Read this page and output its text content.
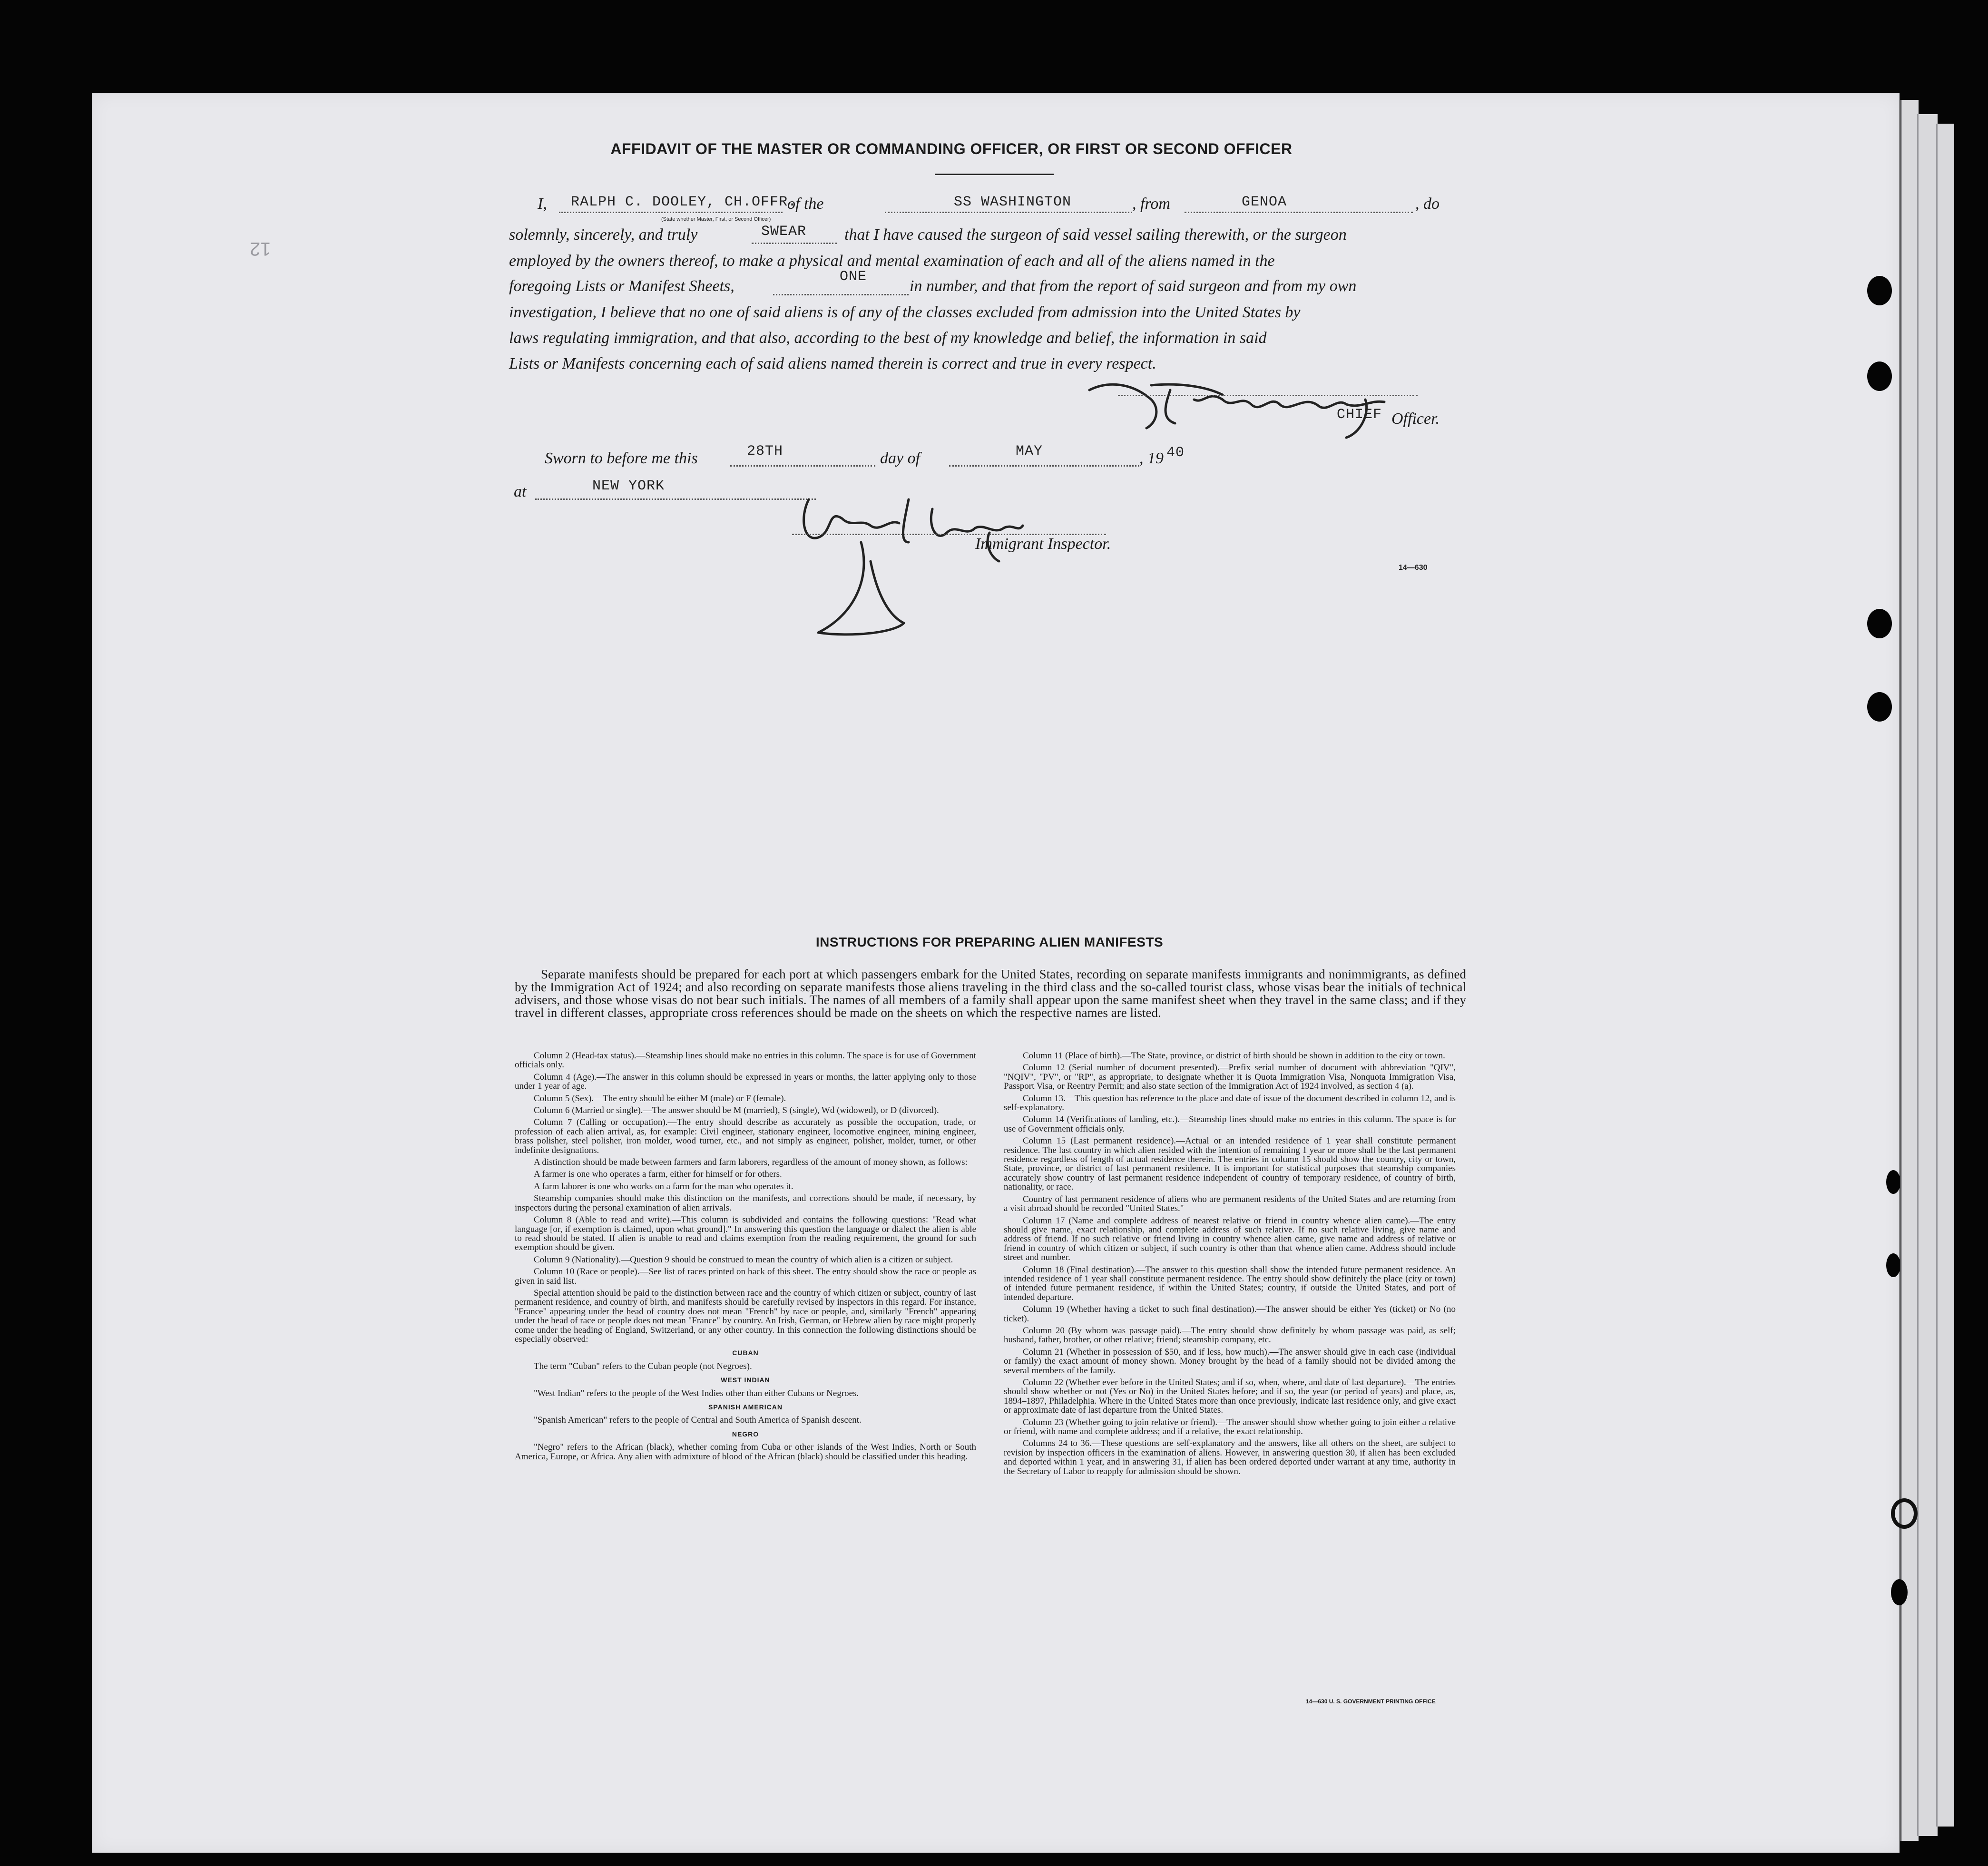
12
AFFIDAVIT OF THE MASTER OR COMMANDING OFFICER, OR FIRST OR SECOND OFFICER
I, RALPH C. DOOLEY, CH.OFFR.
of the	SS WASHINGTON	, from	GENOA	, do
(State whether Master, First, or Second Officer)
solemnly, sincerely, and truly	SWEAR that I have caused the surgeon of said vessel sailing therewith, or the surgeon
employed by the owners thereof, to make a physical and mental examination of each and all of the aliens named in the
foregoing Lists or Manifest Sheets,
ONE
in number, and that from the report of said surgeon and from my own
investigation, I believe that no one of said aliens is of any of the classes excluded from admission into the United States by
laws regulating immigration, and that also, according to the best of my knowledge and belief, the information in said
Lists or Manifests concerning each of said aliens named therein is correct and true in every respect.
CHIEF Officer.
Sworn to before me this	28TH	day of	MAY	, 19 40
at	NEW YORK
Immigrant Inspector.
14—630
INSTRUCTIONS FOR PREPARING ALIEN MANIFESTS
Separate manifests should be prepared for each port at which passengers embark for the United States, recording on separate manifests immigrants and nonimmigrants, as defined by the Immigration Act of 1924; and also recording on separate manifests those aliens traveling in the third class and the so-called tourist class, whose visas bear the initials of technical advisers, and those whose visas do not bear such initials. The names of all members of a family shall appear upon the same manifest sheet when they travel in the same class; and if they travel in different classes, appropriate cross references should be made on the sheets on which the respective names are listed.

Column 2 (Head-tax status).—Steamship lines should make no entries in this column. The space is for use of Government officials only.

Column 4 (Age).—The answer in this column should be expressed in years or months, the latter applying only to those under 1 year of age.

Column 5 (Sex).—The entry should be either M (male) or F (female).

Column 6 (Married or single).—The answer should be M (married), S (single), Wd (widowed), or D (divorced).

Column 7 (Calling or occupation).—The entry should describe as accurately as possible the occupation, trade, or profession of each alien arrival, as, for example: Civil engineer, stationary engineer, locomotive engineer, mining engineer, brass polisher, steel polisher, iron molder, wood turner, etc., and not simply as engineer, polisher, molder, turner, or other indefinite designations.

A distinction should be made between farmers and farm laborers, regardless of the amount of money shown, as follows:

A farmer is one who operates a farm, either for himself or for others.

A farm laborer is one who works on a farm for the man who operates it.

Steamship companies should make this distinction on the manifests, and corrections should be made, if necessary, by inspectors during the personal examination of alien arrivals.

Column 8 (Able to read and write).—This column is subdivided and contains the following questions: "Read what language [or, if exemption is claimed, upon what ground]." In answering this question the language or dialect the alien is able to read should be stated. If alien is unable to read and claims exemption from the reading requirement, the ground for such exemption should be given.

Column 9 (Nationality).—Question 9 should be construed to mean the country of which alien is a citizen or subject.

Column 10 (Race or people).—See list of races printed on back of this sheet. The entry should show the race or people as given in said list.

Special attention should be paid to the distinction between race and the country of which citizen or subject, country of last permanent residence, and country of birth, and manifests should be carefully revised by inspectors in this regard. For instance, "France" appearing under the head of country does not mean "French" by race or people, and, similarly "French" appearing under the head of race or people does not mean "France" by country. An Irish, German, or Hebrew alien by race might properly come under the heading of England, Switzerland, or any other country. In this connection the following distinctions should be especially observed:

CUBAN

The term "Cuban" refers to the Cuban people (not Negroes).

WEST INDIAN

"West Indian" refers to the people of the West Indies other than either Cubans or Negroes.

SPANISH AMERICAN

"Spanish American" refers to the people of Central and South America of Spanish descent.

NEGRO

"Negro" refers to the African (black), whether coming from Cuba or other islands of the West Indies, North or South America, Europe, or Africa. Any alien with admixture of blood of the African (black) should be classified under this heading.

Column 11 (Place of birth).—The State, province, or district of birth should be shown in addition to the city or town.

Column 12 (Serial number of document presented).—Prefix serial number of document with abbreviation "QIV", "NQIV", "PV", or "RP", as appropriate, to designate whether it is Quota Immigration Visa, Nonquota Immigration Visa, Passport Visa, or Reentry Permit; and also state section of the Immigration Act of 1924 involved, as section 4 (a).

Column 13.—This question has reference to the place and date of issue of the document described in column 12, and is self-explanatory.

Column 14 (Verifications of landing, etc.).—Steamship lines should make no entries in this column. The space is for use of Government officials only.

Column 15 (Last permanent residence).—Actual or an intended residence of 1 year shall constitute permanent residence. The last country in which alien resided with the intention of remaining 1 year or more shall be the last permanent residence regardless of length of actual residence therein. The entries in column 15 should show the country, city or town, State, province, or district of last permanent residence. It is important for statistical purposes that steamship companies accurately show country of last permanent residence independent of country of temporary residence, of country of birth, nationality, or race.

Country of last permanent residence of aliens who are permanent residents of the United States and are returning from a visit abroad should be recorded "United States."

Column 17 (Name and complete address of nearest relative or friend in country whence alien came).—The entry should give name, exact relationship, and complete address of such relative. If no such relative living, give name and address of friend. If no such relative or friend living in country whence alien came, give name and address of relative or friend in country of which citizen or subject, if such country is other than that whence alien came. Address should include street and number.

Column 18 (Final destination).—The answer to this question shall show the intended future permanent residence. An intended residence of 1 year shall constitute permanent residence. The entry should show definitely the place (city or town) of intended future permanent residence, if within the United States; country, if outside the United States, and port of intended departure.

Column 19 (Whether having a ticket to such final destination).—The answer should be either Yes (ticket) or No (no ticket).

Column 20 (By whom was passage paid).—The entry should show definitely by whom passage was paid, as self; husband, father, brother, or other relative; friend; steamship company, etc.

Column 21 (Whether in possession of $50, and if less, how much).—The answer should give in each case (individual or family) the exact amount of money shown. Money brought by the head of a family should not be divided among the several members of the family.

Column 22 (Whether ever before in the United States; and if so, when, where, and date of last departure).—The entries should show whether or not (Yes or No) in the United States before; and if so, the year (or period of years) and place, as, 1894–1897, Philadelphia. Where in the United States more than once previously, indicate last residence only, and give exact or approximate date of last departure from the United States.

Column 23 (Whether going to join relative or friend).—The answer should show whether going to join either a relative or friend, with name and complete address; and if a relative, the exact relationship.

Columns 24 to 36.—These questions are self-explanatory and the answers, like all others on the sheet, are subject to revision by inspection officers in the examination of aliens. However, in answering question 30, if alien has been excluded and deported within 1 year, and in answering 31, if alien has been ordered deported under warrant at any time, authority in the Secretary of Labor to reapply for admission should be shown.

14—630 U. S. GOVERNMENT PRINTING OFFICE
